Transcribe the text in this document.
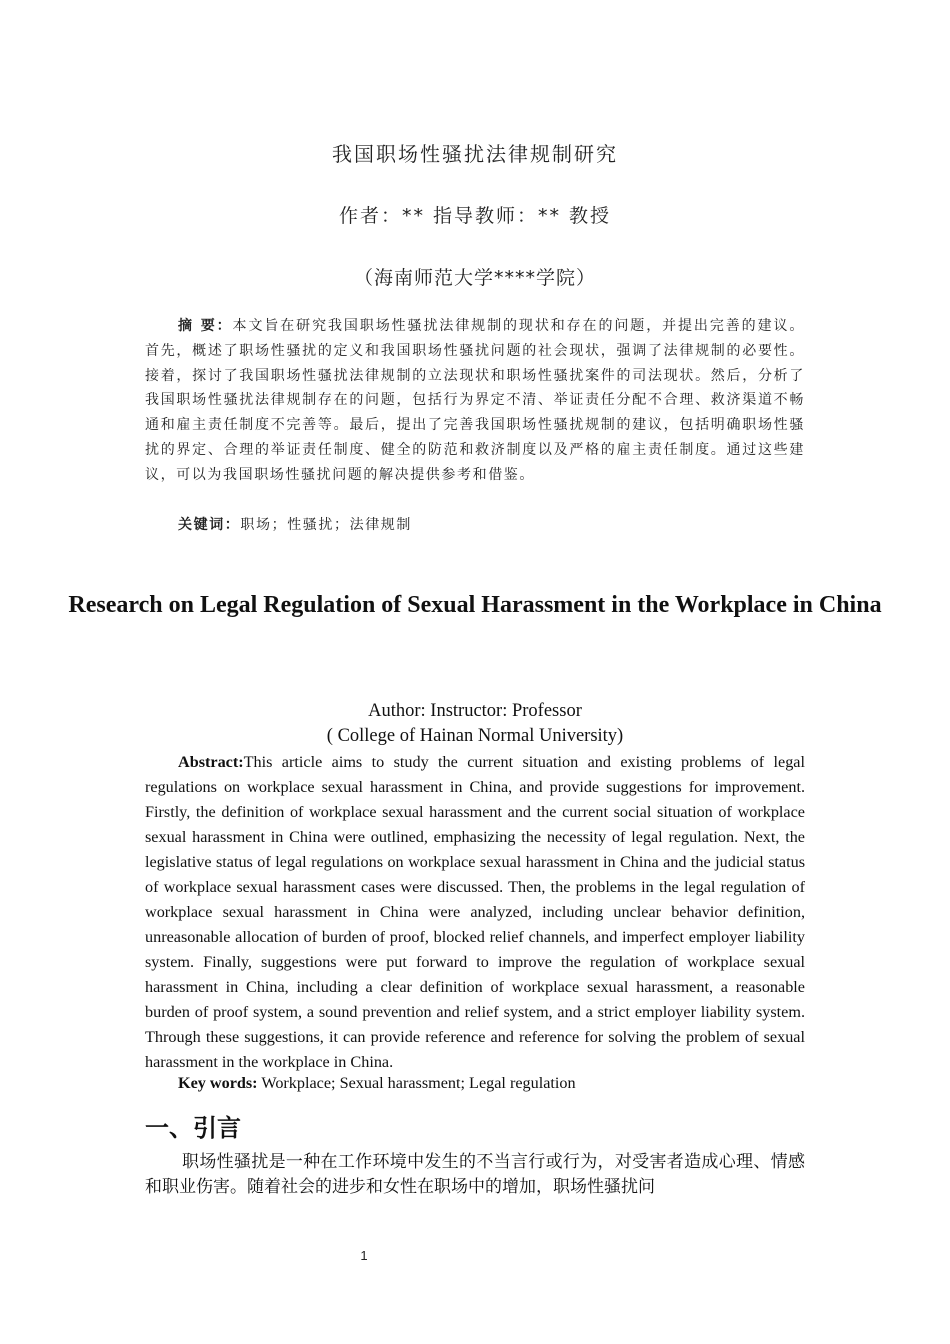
我国职场性骚扰法律规制研究
作者：** 指导教师：** 教授
（海南师范大学****学院）

摘 要：本文旨在研究我国职场性骚扰法律规制的现状和存在的问题，并提出完善的建议。首先，概述了职场性骚扰的定义和我国职场性骚扰问题的社会现状，强调了法律规制的必要性。接着，探讨了我国职场性骚扰法律规制的立法现状和职场性骚扰案件的司法现状。然后，分析了我国职场性骚扰法律规制存在的问题，包括行为界定不清、举证责任分配不合理、救济渠道不畅通和雇主责任制度不完善等。最后，提出了完善我国职场性骚扰规制的建议，包括明确职场性骚扰的界定、合理的举证责任制度、健全的防范和救济制度以及严格的雇主责任制度。通过这些建议，可以为我国职场性骚扰问题的解决提供参考和借鉴。

关键词：职场；性骚扰；法律规制

Research on Legal Regulation of Sexual Harassment in the Workplace in China
Author: Instructor: Professor
( College of Hainan Normal University)

Abstract:This article aims to study the current situation and existing problems of legal regulations on workplace sexual harassment in China, and provide suggestions for improvement. Firstly, the definition of workplace sexual harassment and the current social situation of workplace sexual harassment in China were outlined, emphasizing the necessity of legal regulation. Next, the legislative status of legal regulations on workplace sexual harassment in China and the judicial status of workplace sexual harassment cases were discussed. Then, the problems in the legal regulation of workplace sexual harassment in China were analyzed, including unclear behavior definition, unreasonable allocation of burden of proof, blocked relief channels, and imperfect employer liability system. Finally, suggestions were put forward to improve the regulation of workplace sexual harassment in China, including a clear definition of workplace sexual harassment, a reasonable burden of proof system, a sound prevention and relief system, and a strict employer liability system. Through these suggestions, it can provide reference and reference for solving the problem of sexual harassment in the workplace in China.

Key words: Workplace; Sexual harassment; Legal regulation

一、引言

职场性骚扰是一种在工作环境中发生的不当言行或行为，对受害者造成心理、情感和职业伤害。随着社会的进步和女性在职场中的增加，职场性骚扰问

1
